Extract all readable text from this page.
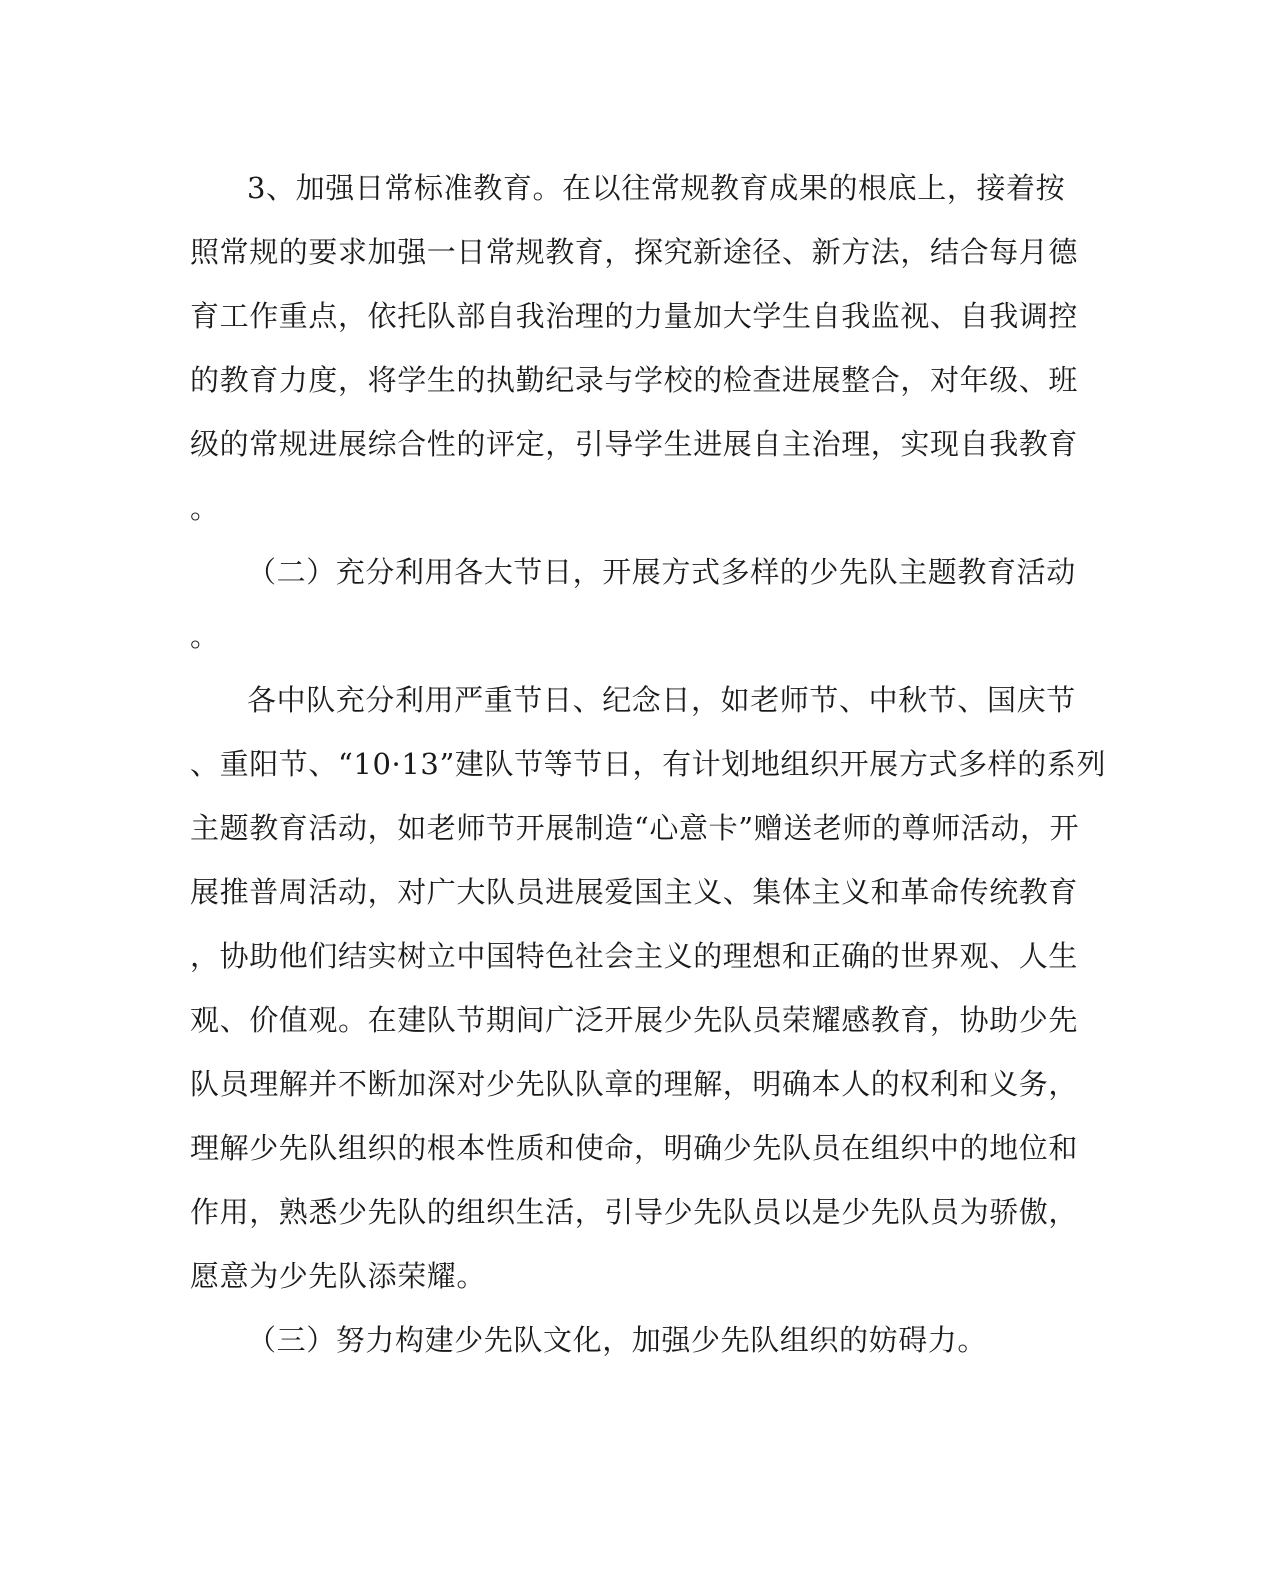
3、加强日常标准教育。在以往常规教育成果的根底上，接着按
照常规的要求加强一日常规教育，探究新途径、新方法，结合每月德
育工作重点，依托队部自我治理的力量加大学生自我监视、自我调控
的教育力度，将学生的执勤纪录与学校的检查进展整合，对年级、班
级的常规进展综合性的评定，引导学生进展自主治理，实现自我教育
。
（二）充分利用各大节日，开展方式多样的少先队主题教育活动
。
各中队充分利用严重节日、纪念日，如老师节、中秋节、国庆节
、重阳节、“10·13”建队节等节日，有计划地组织开展方式多样的系列
主题教育活动，如老师节开展制造“心意卡”赠送老师的尊师活动，开
展推普周活动，对广大队员进展爱国主义、集体主义和革命传统教育
，协助他们结实树立中国特色社会主义的理想和正确的世界观、人生
观、价值观。在建队节期间广泛开展少先队员荣耀感教育，协助少先
队员理解并不断加深对少先队队章的理解，明确本人的权利和义务，
理解少先队组织的根本性质和使命，明确少先队员在组织中的地位和
作用，熟悉少先队的组织生活，引导少先队员以是少先队员为骄傲，
愿意为少先队添荣耀。
（三）努力构建少先队文化，加强少先队组织的妨碍力。
